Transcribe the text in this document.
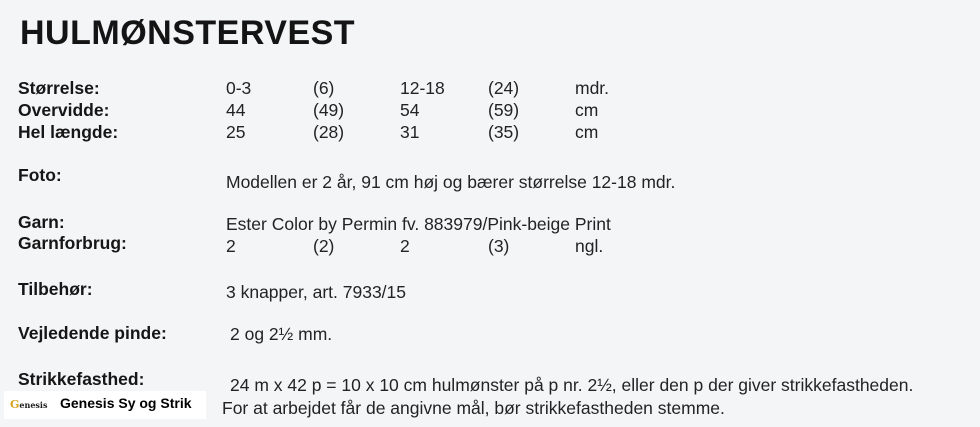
HULMØNSTERVEST
Størrelse:	0-3	(6)	12-18 (24)	mdr.
Overvidde:	44	(49)	54	(59)	cm
Hel længde:	25	(28)	31	(35)	cm
Foto:	Modellen er 2 år, 91 cm høj og bærer størrelse 12-18 mdr.
Garn:	Ester Color by Permin fv. 883979/Pink-beige Print
Garnforbrug:	2	(2)	2	(3)	ngl.
Tilbehør:	3 knapper, art. 7933/15
Vejledende pinde:	2 og 2½ mm.
Strikkefasthed:	24 m x 42 p = 10 x 10 cm hulmønster på p nr. 2½, eller den p der giver strikkefastheden.
For at arbejdet får de angivne mål, bør strikkefastheden stemme.
Genesis Genesis Sy og Strik
